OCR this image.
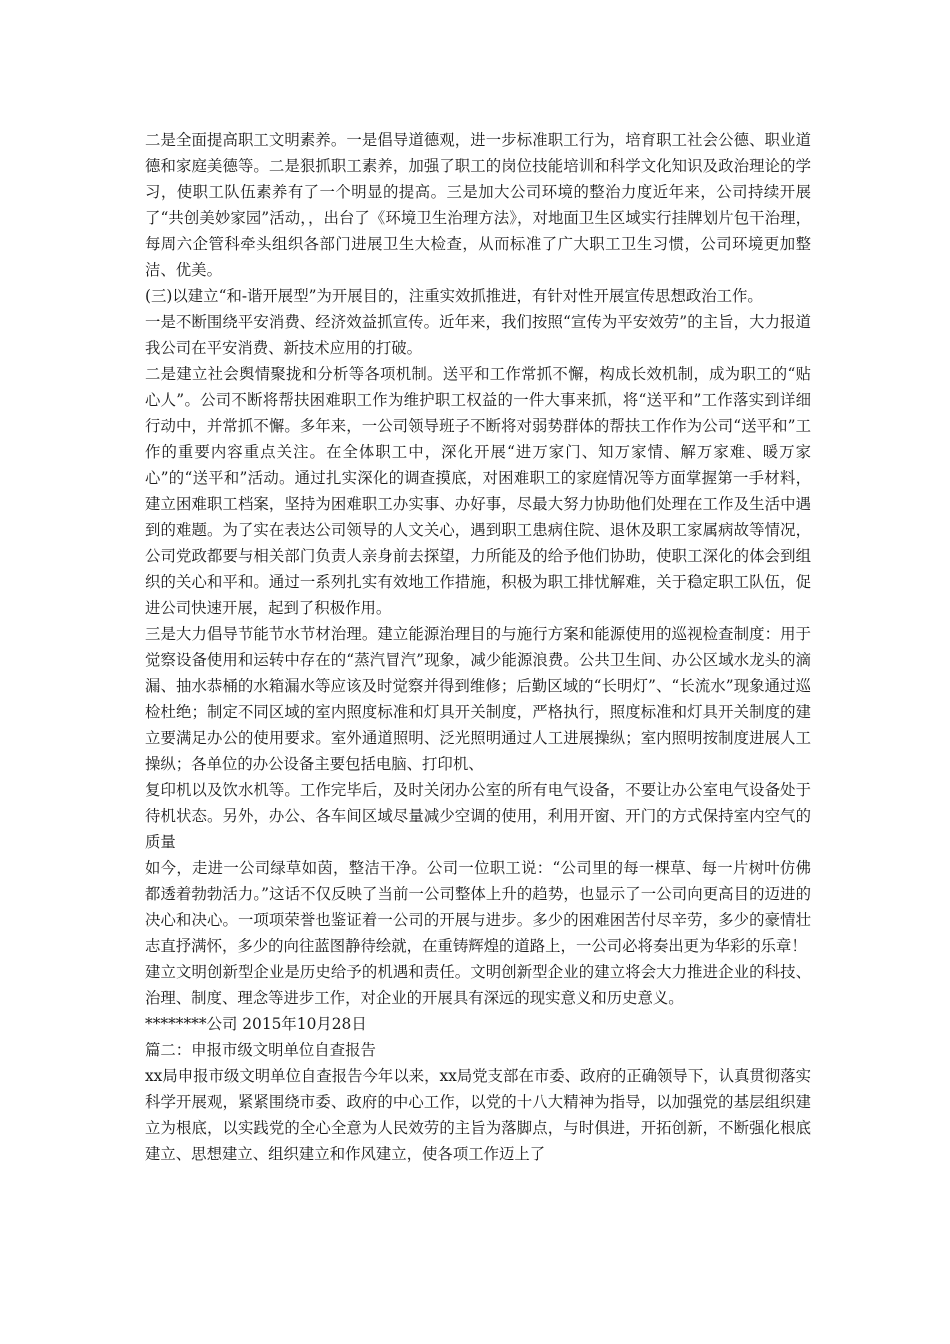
二是全面提高职工文明素养。一是倡导道德观，进一步标准职工行为，培育职工社会公德、职业道德和家庭美德等。二是狠抓职工素养，加强了职工的岗位技能培训和科学文化知识及政治理论的学习，使职工队伍素养有了一个明显的提高。三是加大公司环境的整治力度近年来，公司持续开展了“共创美妙家园”活动，，出台了《环境卫生治理方法》，对地面卫生区域实行挂牌划片包干治理，每周六企管科牵头组织各部门进展卫生大检查，从而标准了广大职工卫生习惯，公司环境更加整洁、优美。

(三)以建立“和-谐开展型”为开展目的，注重实效抓推进，有针对性开展宣传思想政治工作。

一是不断围绕平安消费、经济效益抓宣传。近年来，我们按照“宣传为平安效劳”的主旨，大力报道我公司在平安消费、新技术应用的打破。

二是建立社会舆情聚拢和分析等各项机制。送平和工作常抓不懈，构成长效机制，成为职工的“贴心人”。公司不断将帮扶困难职工作为维护职工权益的一件大事来抓，将“送平和”工作落实到详细行动中，并常抓不懈。多年来，一公司领导班子不断将对弱势群体的帮扶工作作为公司“送平和”工作的重要内容重点关注。在全体职工中，深化开展“进万家门、知万家情、解万家难、暖万家心”的“送平和”活动。通过扎实深化的调查摸底，对困难职工的家庭情况等方面掌握第一手材料，建立困难职工档案，坚持为困难职工办实事、办好事，尽最大努力协助他们处理在工作及生活中遇到的难题。为了实在表达公司领导的人文关心，遇到职工患病住院、退休及职工家属病故等情况，公司党政都要与相关部门负责人亲身前去探望，力所能及的给予他们协助，使职工深化的体会到组织的关心和平和。通过一系列扎实有效地工作措施，积极为职工排忧解难，关于稳定职工队伍，促进公司快速开展，起到了积极作用。

三是大力倡导节能节水节材治理。建立能源治理目的与施行方案和能源使用的巡视检查制度：用于觉察设备使用和运转中存在的“蒸汽冒汽”现象，减少能源浪费。公共卫生间、办公区域水龙头的滴漏、抽水恭桶的水箱漏水等应该及时觉察并得到维修；后勤区域的“长明灯”、“长流水”现象通过巡检杜绝；制定不同区域的室内照度标准和灯具开关制度，严格执行，照度标准和灯具开关制度的建立要满足办公的使用要求。室外通道照明、泛光照明通过人工进展操纵；室内照明按制度进展人工操纵；各单位的办公设备主要包括电脑、打印机、

复印机以及饮水机等。工作完毕后，及时关闭办公室的所有电气设备，不要让办公室电气设备处于待机状态。另外，办公、各车间区域尽量减少空调的使用，利用开窗、开门的方式保持室内空气的质量

如今，走进一公司绿草如茵，整洁干净。公司一位职工说：“公司里的每一棵草、每一片树叶仿佛都透着勃勃活力。”这话不仅反映了当前一公司整体上升的趋势，也显示了一公司向更高目的迈进的决心和决心。一项项荣誉也鉴证着一公司的开展与进步。多少的困难困苦付尽辛劳，多少的豪情壮志直抒满怀，多少的向往蓝图静待绘就，在重铸辉煌的道路上，一公司必将奏出更为华彩的乐章！

建立文明创新型企业是历史给予的机遇和责任。文明创新型企业的建立将会大力推进企业的科技、治理、制度、理念等进步工作，对企业的开展具有深远的现实意义和历史意义。

********公司 2015年10月28日

篇二：申报市级文明单位自查报告

xx局申报市级文明单位自查报告今年以来，xx局党支部在市委、政府的正确领导下，认真贯彻落实科学开展观，紧紧围绕市委、政府的中心工作，以党的十八大精神为指导，以加强党的基层组织建立为根底，以实践党的全心全意为人民效劳的主旨为落脚点，与时俱进，开拓创新，不断强化根底建立、思想建立、组织建立和作风建立，使各项工作迈上了
